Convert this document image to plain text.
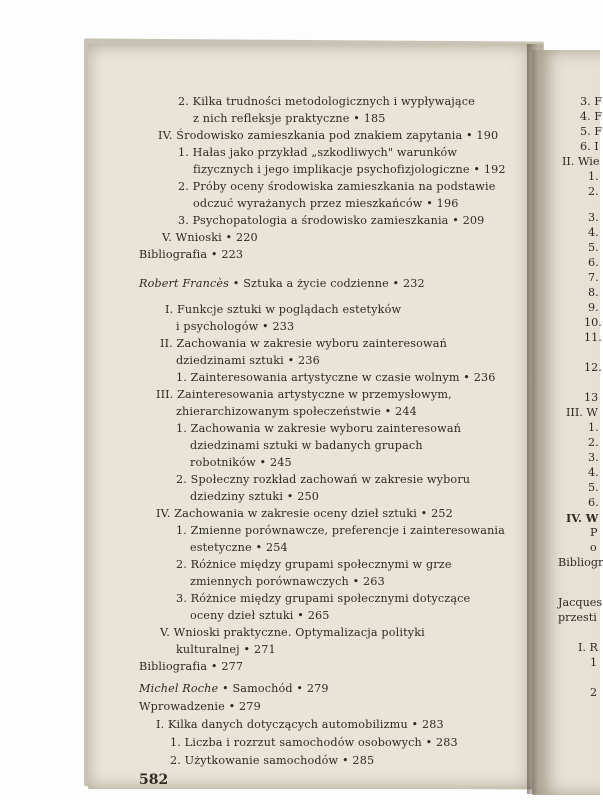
2. Kilka trudności metodologicznych i wypływające
z nich refleksje praktyczne • 185
IV. Środowisko zamieszkania pod znakiem zapytania • 190
1. Hałas jako przykład „szkodliwych" warunków
fizycznych i jego implikacje psychofizjologiczne • 192
2. Próby oceny środowiska zamieszkania na podstawie
odczuć wyrażanych przez mieszkańców • 196
3. Psychopatologia a środowisko zamieszkania • 209
V. Wnioski • 220
Bibliografia • 223
Robert Francès • Sztuka a życie codzienne • 232
I. Funkcje sztuki w poglądach estetyków
i psychologów • 233
II. Zachowania w zakresie wyboru zainteresowań
dziedzinami sztuki • 236
1. Zainteresowania artystyczne w czasie wolnym • 236
III. Zainteresowania artystyczne w przemysłowym,
zhierarchizowanym społeczeństwie • 244
1. Zachowania w zakresie wyboru zainteresowań
dziedzinami sztuki w badanych grupach
robotników • 245
2. Społeczny rozkład zachowań w zakresie wyboru
dziedziny sztuki • 250
IV. Zachowania w zakresie oceny dzieł sztuki • 252
1. Zmienne porównawcze, preferencje i zainteresowania
estetyczne • 254
2. Różnice między grupami społecznymi w grze
zmiennych porównawczych • 263
3. Różnice między grupami społecznymi dotyczące
oceny dzieł sztuki • 265
V. Wnioski praktyczne. Optymalizacja polityki
kulturalnej • 271
Bibliografia • 277
Michel Roche • Samochód • 279
582
3. F
4. F
5. F
6. I
II. Wie
1.
2.
3.
4.
5.
6.
7.
8.
9.
10.
11.
12.
13
III. W
1.
2.
3.
4.
5.
6.
IV. W
P
o
Bibliogr
Jacques
przesti
I. R
1
2
Wprowadzenie • 279
I. Kilka danych dotyczących automobilizmu • 283
1. Liczba i rozrzut samochodów osobowych • 283
2. Użytkowanie samochodów • 285
